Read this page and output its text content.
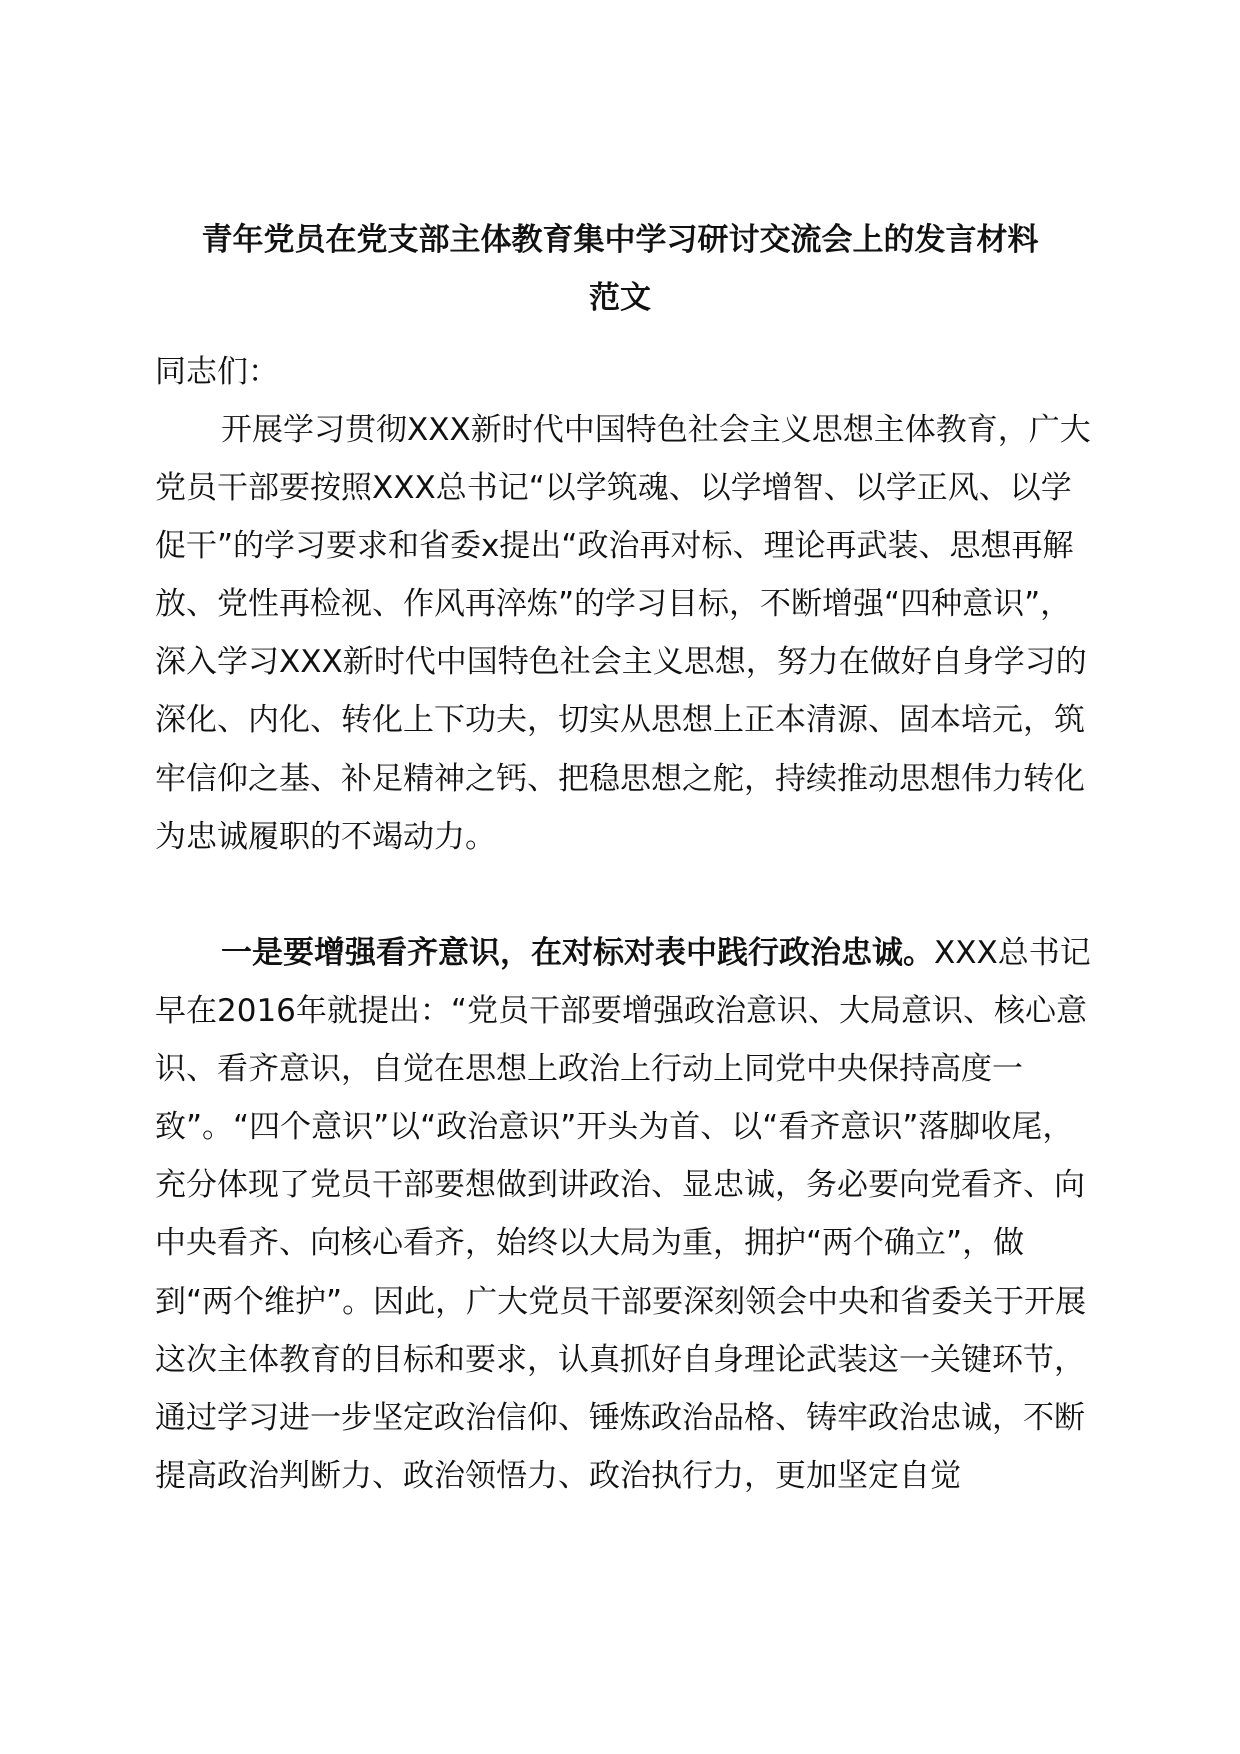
青年党员在党支部主体教育集中学习研讨交流会上的发言材料
范文

同志们：

开展学习贯彻XXX新时代中国特色社会主义思想主体教育，广大党员干部要按照XXX总书记“以学筑魂、以学增智、以学正风、以学促干”的学习要求和省委x提出“政治再对标、理论再武装、思想再解放、党性再检视、作风再淬炼”的学习目标，不断增强“四种意识”，深入学习XXX新时代中国特色社会主义思想，努力在做好自身学习的深化、内化、转化上下功夫，切实从思想上正本清源、固本培元，筑牢信仰之基、补足精神之钙、把稳思想之舵，持续推动思想伟力转化为忠诚履职的不竭动力。

一是要增强看齐意识，在对标对表中践行政治忠诚。XXX总书记早在2016年就提出：“党员干部要增强政治意识、大局意识、核心意识、看齐意识，自觉在思想上政治上行动上同党中央保持高度一致”。“四个意识”以“政治意识”开头为首、以“看齐意识”落脚收尾，充分体现了党员干部要想做到讲政治、显忠诚，务必要向党看齐、向中央看齐、向核心看齐，始终以大局为重，拥护“两个确立”，做到“两个维护”。因此，广大党员干部要深刻领会中央和省委关于开展这次主体教育的目标和要求，认真抓好自身理论武装这一关键环节，通过学习进一步坚定政治信仰、锤炼政治品格、铸牢政治忠诚，不断提高政治判断力、政治领悟力、政治执行力，更加坚定自觉
